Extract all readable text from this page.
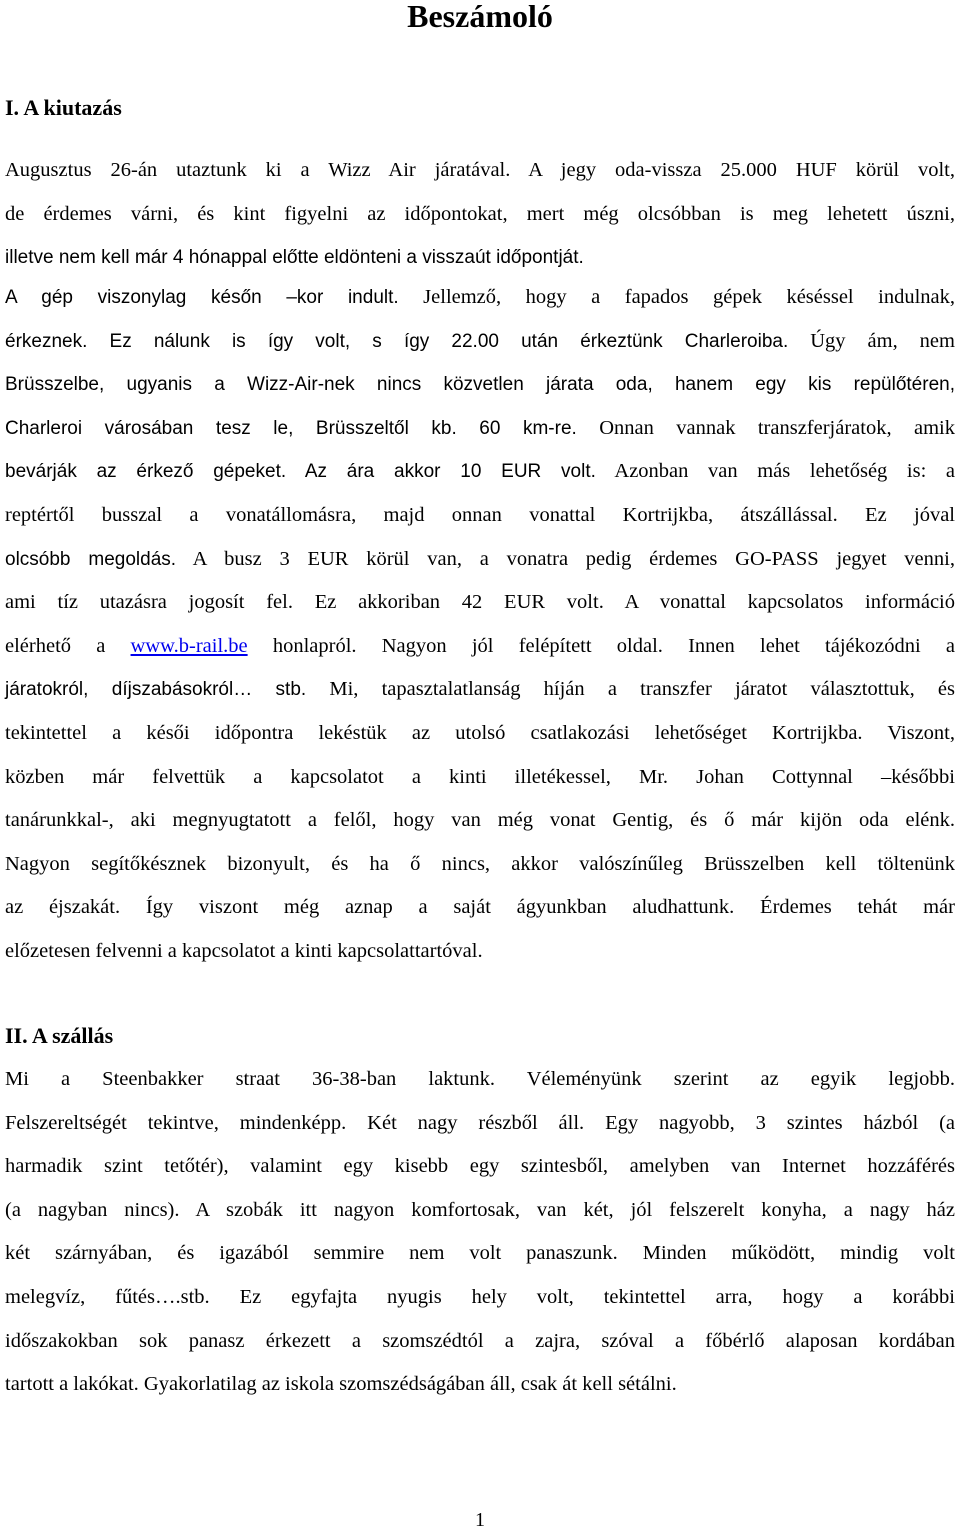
Beszámoló
I. A kiutazás
Augusztus 26-án utaztunk ki a Wizz Air járatával. A jegy oda-vissza 25.000 HUF körül volt,
de érdemes várni, és kint figyelni az időpontokat, mert még olcsóbban is meg lehetett úszni,
illetve nem kell már 4 hónappal előtte eldönteni a visszaút időpontját.
A gép viszonylag későn –kor indult. Jellemző, hogy a fapados gépek késéssel indulnak,
érkeznek. Ez nálunk is így volt, s így 22.00 után érkeztünk Charleroiba. Úgy ám, nem
Brüsszelbe, ugyanis a Wizz-Air-nek nincs közvetlen járata oda, hanem egy kis repülőtéren,
Charleroi városában tesz le, Brüsszeltől kb. 60 km-re. Onnan vannak transzferjáratok, amik
bevárják az érkező gépeket. Az ára akkor 10 EUR volt. Azonban van más lehetőség is: a
reptértől busszal a vonatállomásra, majd onnan vonattal Kortrijkba, átszállással. Ez jóval
olcsóbb megoldás. A busz 3 EUR körül van, a vonatra pedig érdemes GO-PASS jegyet venni,
ami tíz utazásra jogosít fel. Ez akkoriban 42 EUR volt. A vonattal kapcsolatos információ
elérhető a www.b-rail.be honlapról. Nagyon jól felépített oldal. Innen lehet tájékozódni a
járatokról, díjszabásokról… stb. Mi, tapasztalatlanság híján a transzfer járatot választottuk, és
tekintettel a késői időpontra lekéstük az utolsó csatlakozási lehetőséget Kortrijkba. Viszont,
közben már felvettük a kapcsolatot a kinti illetékessel, Mr. Johan Cottynnal –későbbi
tanárunkkal-, aki megnyugtatott a felől, hogy van még vonat Gentig, és ő már kijön oda elénk.
Nagyon segítőkésznek bizonyult, és ha ő nincs, akkor valószínűleg Brüsszelben kell töltenünk
az éjszakát. Így viszont még aznap a saját ágyunkban aludhattunk. Érdemes tehát már
előzetesen felvenni a kapcsolatot a kinti kapcsolattartóval.
II. A szállás
Mi a Steenbakker straat 36-38-ban laktunk. Véleményünk szerint az egyik legjobb.
Felszereltségét tekintve, mindenképp. Két nagy részből áll. Egy nagyobb, 3 szintes házból (a
harmadik szint tetőtér), valamint egy kisebb egy szintesből, amelyben van Internet hozzáférés
(a nagyban nincs). A szobák itt nagyon komfortosak, van két, jól felszerelt konyha, a nagy ház
két szárnyában, és igazából semmire nem volt panaszunk. Minden működött, mindig volt
melegvíz, fűtés….stb. Ez egyfajta nyugis hely volt, tekintettel arra, hogy a korábbi
időszakokban sok panasz érkezett a szomszédtól a zajra, szóval a főbérlő alaposan kordában
tartott a lakókat. Gyakorlatilag az iskola szomszédságában áll, csak át kell sétálni.
1
